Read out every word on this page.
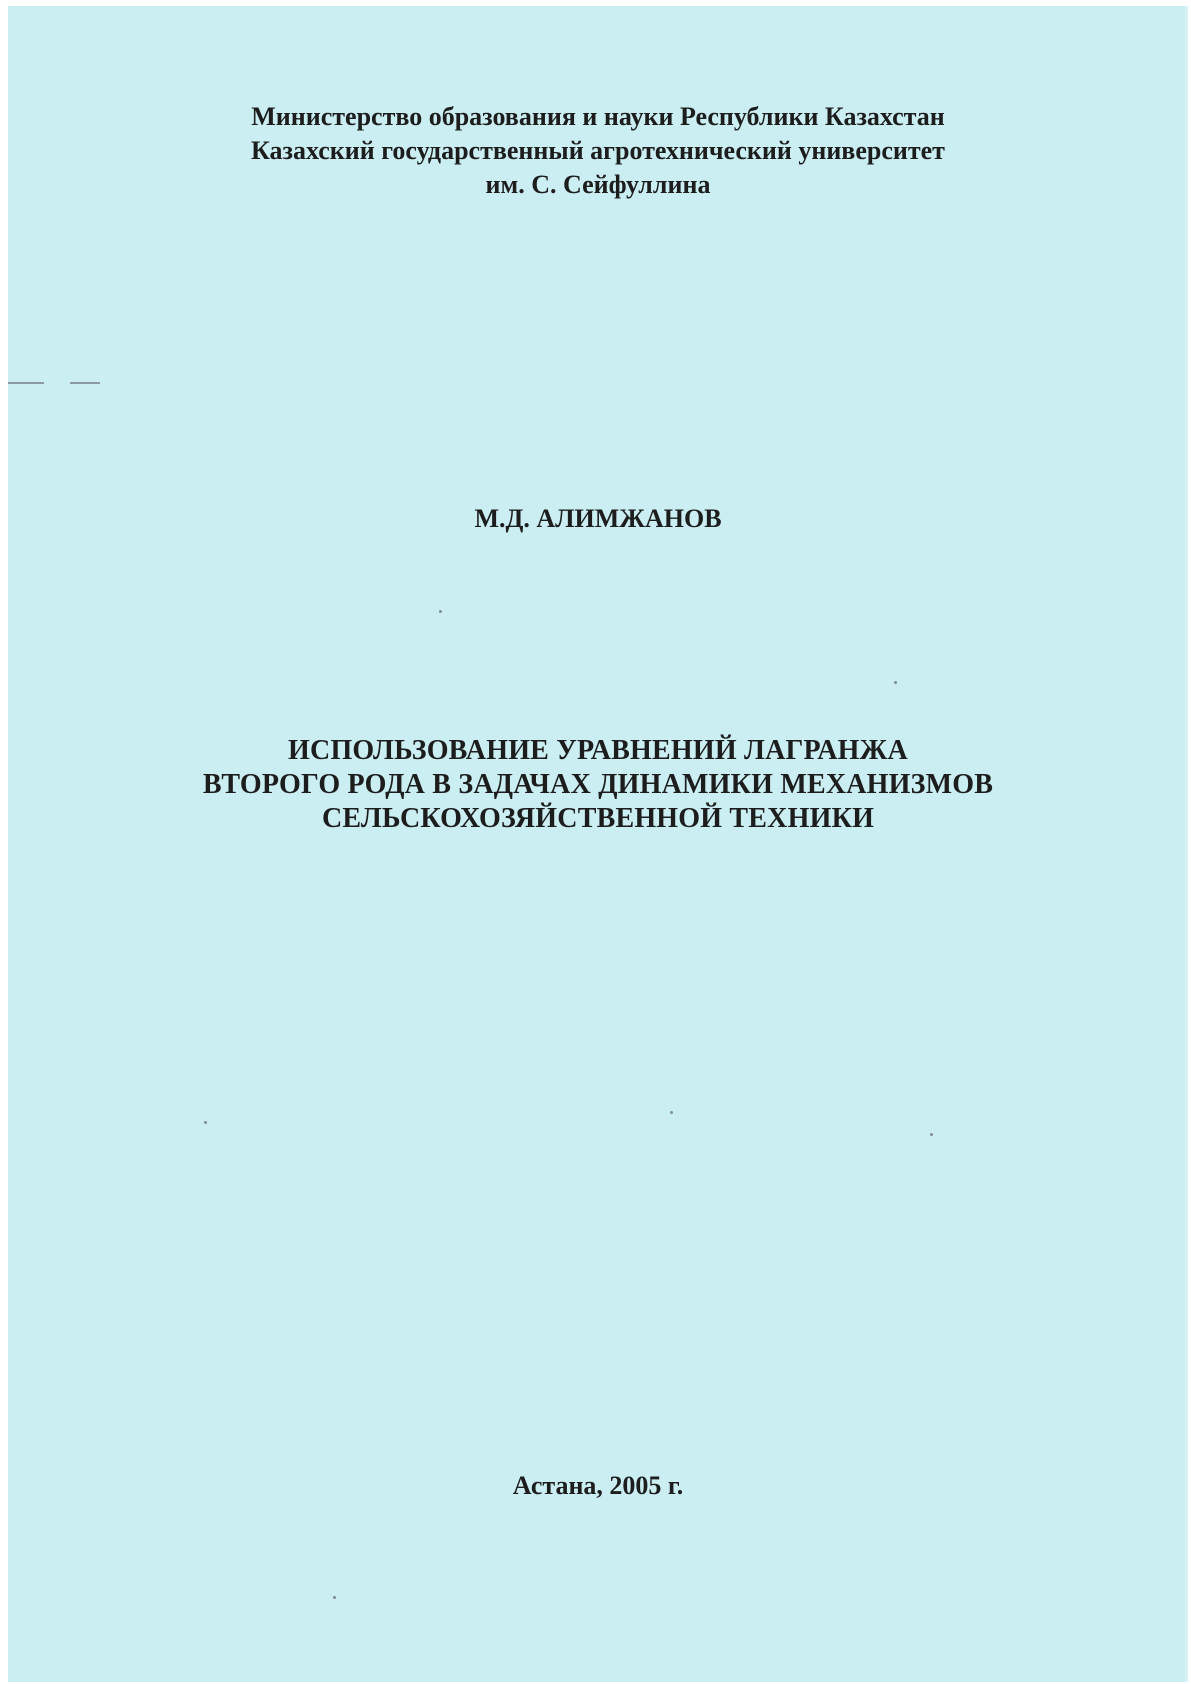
Министерство образования и науки Республики Казахстан
Казахский государственный агротехнический университет
им. С. Сейфуллина
М.Д. АЛИМЖАНОВ
ИСПОЛЬЗОВАНИЕ УРАВНЕНИЙ ЛАГРАНЖА
ВТОРОГО РОДА В ЗАДАЧАХ ДИНАМИКИ МЕХАНИЗМОВ
СЕЛЬСКОХОЗЯЙСТВЕННОЙ ТЕХНИКИ
Астана, 2005 г.
